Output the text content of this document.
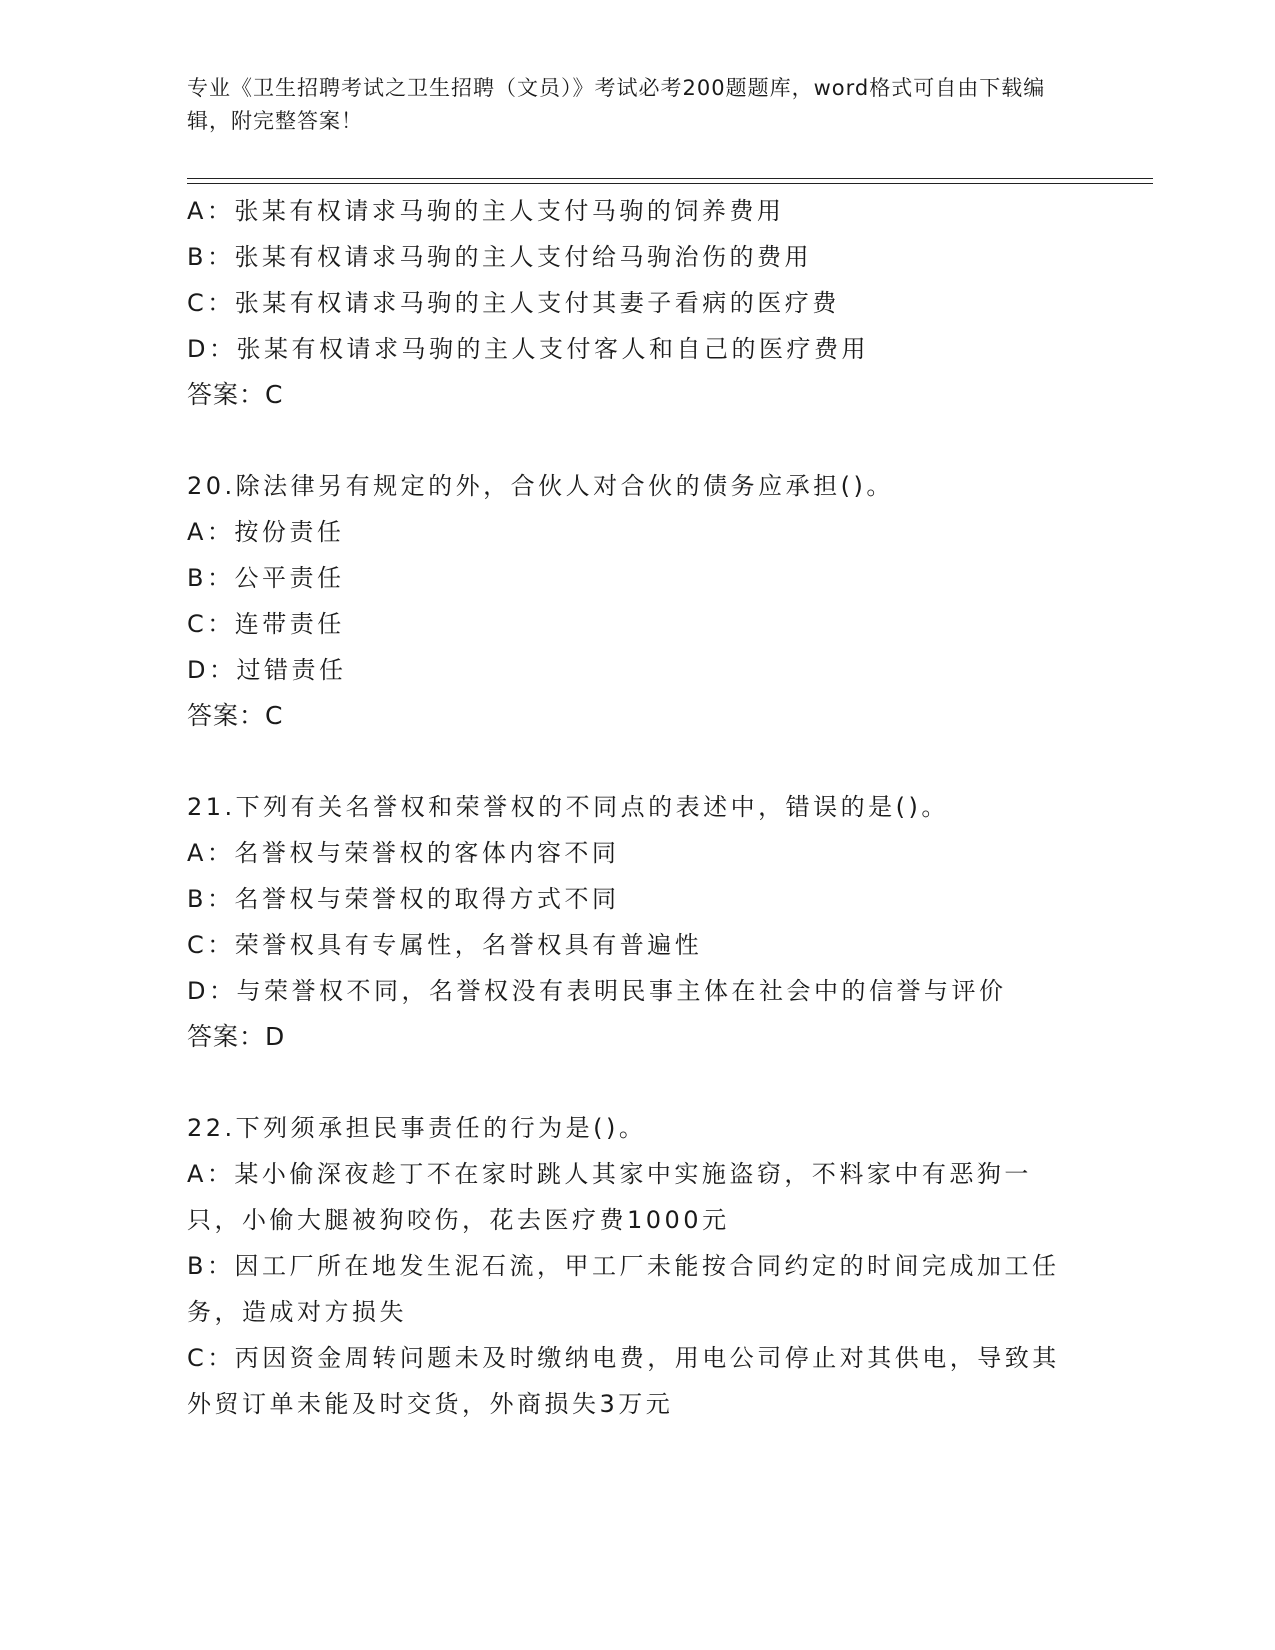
专业《卫生招聘考试之卫生招聘（文员）》考试必考200题题库，word格式可自由下载编辑，附完整答案！
A：张某有权请求马驹的主人支付马驹的饲养费用
B：张某有权请求马驹的主人支付给马驹治伤的费用
C：张某有权请求马驹的主人支付其妻子看病的医疗费
D：张某有权请求马驹的主人支付客人和自己的医疗费用
答案：C
20.除法律另有规定的外，合伙人对合伙的债务应承担()。
A：按份责任
B：公平责任
C：连带责任
D：过错责任
答案：C
21.下列有关名誉权和荣誉权的不同点的表述中，错误的是()。
A：名誉权与荣誉权的客体内容不同
B：名誉权与荣誉权的取得方式不同
C：荣誉权具有专属性，名誉权具有普遍性
D：与荣誉权不同，名誉权没有表明民事主体在社会中的信誉与评价
答案：D
22.下列须承担民事责任的行为是()。
A：某小偷深夜趁丁不在家时跳人其家中实施盗窃，不料家中有恶狗一只，小偷大腿被狗咬伤，花去医疗费1000元
B：因工厂所在地发生泥石流，甲工厂未能按合同约定的时间完成加工任务，造成对方损失
C：丙因资金周转问题未及时缴纳电费，用电公司停止对其供电，导致其外贸订单未能及时交货，外商损失3万元
